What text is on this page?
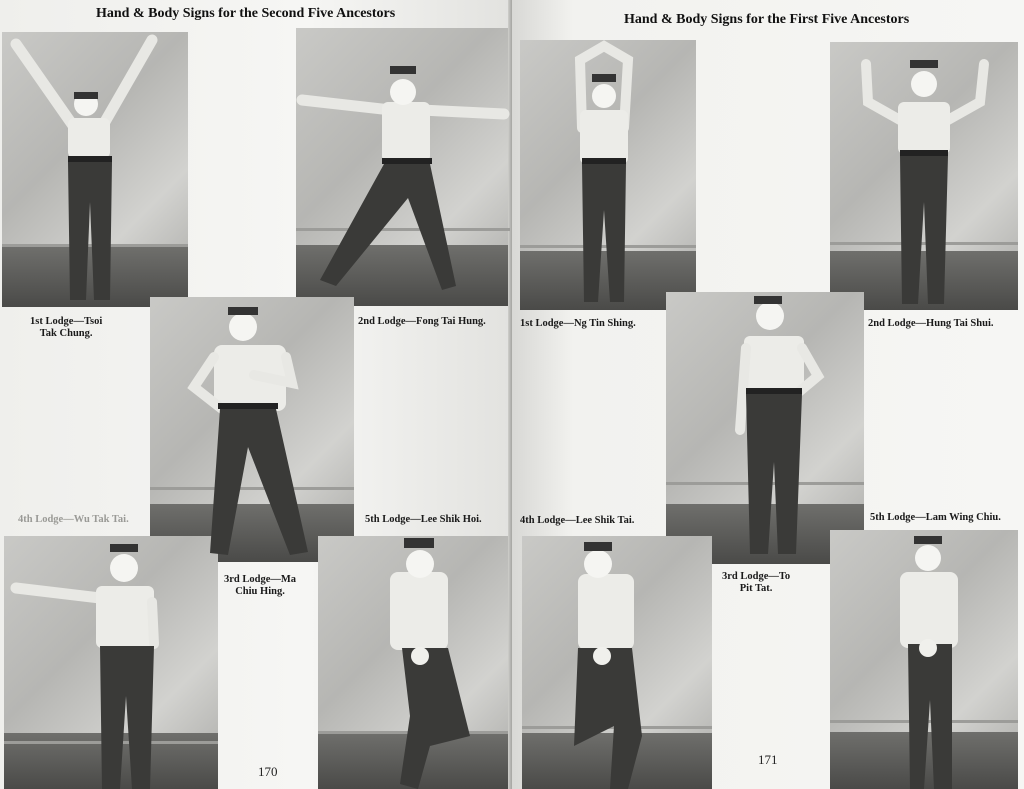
Hand & Body Signs for the Second Five Ancestors
1st Lodge—Tsoi
Tak Chung.
2nd Lodge—Fong Tai Hung.
4th Lodge—Wu Tak Tai.	5th Lodge—Lee Shik Hoi.
3rd Lodge—Ma
Chiu Hing.
170
Hand & Body Signs for the First Five Ancestors
1st Lodge—Ng Tin Shing.	2nd Lodge—Hung Tai Shui.
4th Lodge—Lee Shik Tai.	5th Lodge—Lam Wing Chiu.
3rd Lodge—To
Pit Tat.
171
